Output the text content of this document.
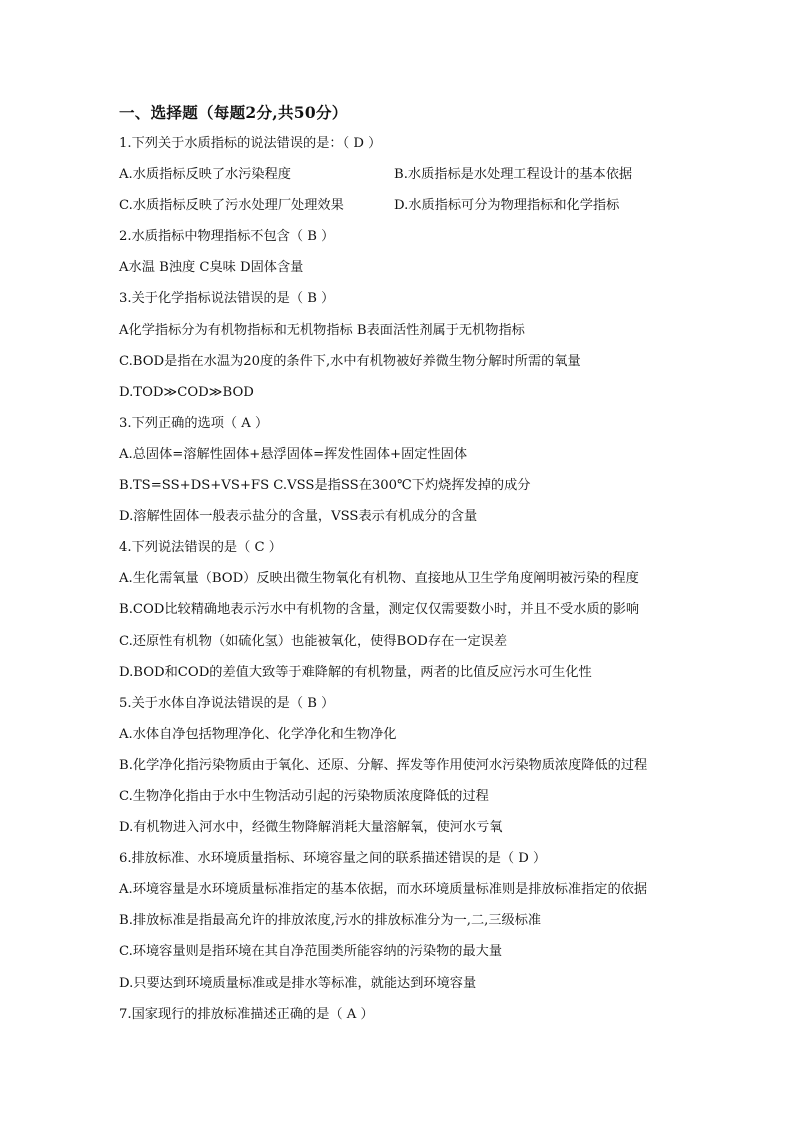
一、选择题（每题2分,共50分）
1.下列关于水质指标的说法错误的是：（ D ）
A.水质指标反映了水污染程度	B.水质指标是水处理工程设计的基本依据
C.水质指标反映了污水处理厂处理效果	D.水质指标可分为物理指标和化学指标
2.水质指标中物理指标不包含（ B ）
A水温 B浊度 C臭味 D固体含量
3.关于化学指标说法错误的是（ B ）
A化学指标分为有机物指标和无机物指标 B表面活性剂属于无机物指标
C.BOD是指在水温为20度的条件下,水中有机物被好养微生物分解时所需的氧量
D.TOD≫COD≫BOD
3.下列正确的选项（ A ）
A.总固体=溶解性固体+悬浮固体=挥发性固体+固定性固体
B.TS=SS+DS+VS+FS C.VSS是指SS在300℃下灼烧挥发掉的成分
D.溶解性固体一般表示盐分的含量，VSS表示有机成分的含量
4.下列说法错误的是（ C ）
A.生化需氧量（BOD）反映出微生物氧化有机物、直接地从卫生学角度阐明被污染的程度
B.COD比较精确地表示污水中有机物的含量，测定仅仅需要数小时，并且不受水质的影响
C.还原性有机物（如硫化氢）也能被氧化，使得BOD存在一定误差
D.BOD和COD的差值大致等于难降解的有机物量，两者的比值反应污水可生化性
5.关于水体自净说法错误的是（ B ）
A.水体自净包括物理净化、化学净化和生物净化
B.化学净化指污染物质由于氧化、还原、分解、挥发等作用使河水污染物质浓度降低的过程
C.生物净化指由于水中生物活动引起的污染物质浓度降低的过程
D.有机物进入河水中，经微生物降解消耗大量溶解氧，使河水亏氧
6.排放标准、水环境质量指标、环境容量之间的联系描述错误的是（ D ）
A.环境容量是水环境质量标准指定的基本依据，而水环境质量标准则是排放标准指定的依据
B.排放标准是指最高允许的排放浓度,污水的排放标准分为一,二,三级标准
C.环境容量则是指环境在其自净范围类所能容纳的污染物的最大量
D.只要达到环境质量标准或是排水等标准，就能达到环境容量
7.国家现行的排放标准描述正确的是（ A ）
